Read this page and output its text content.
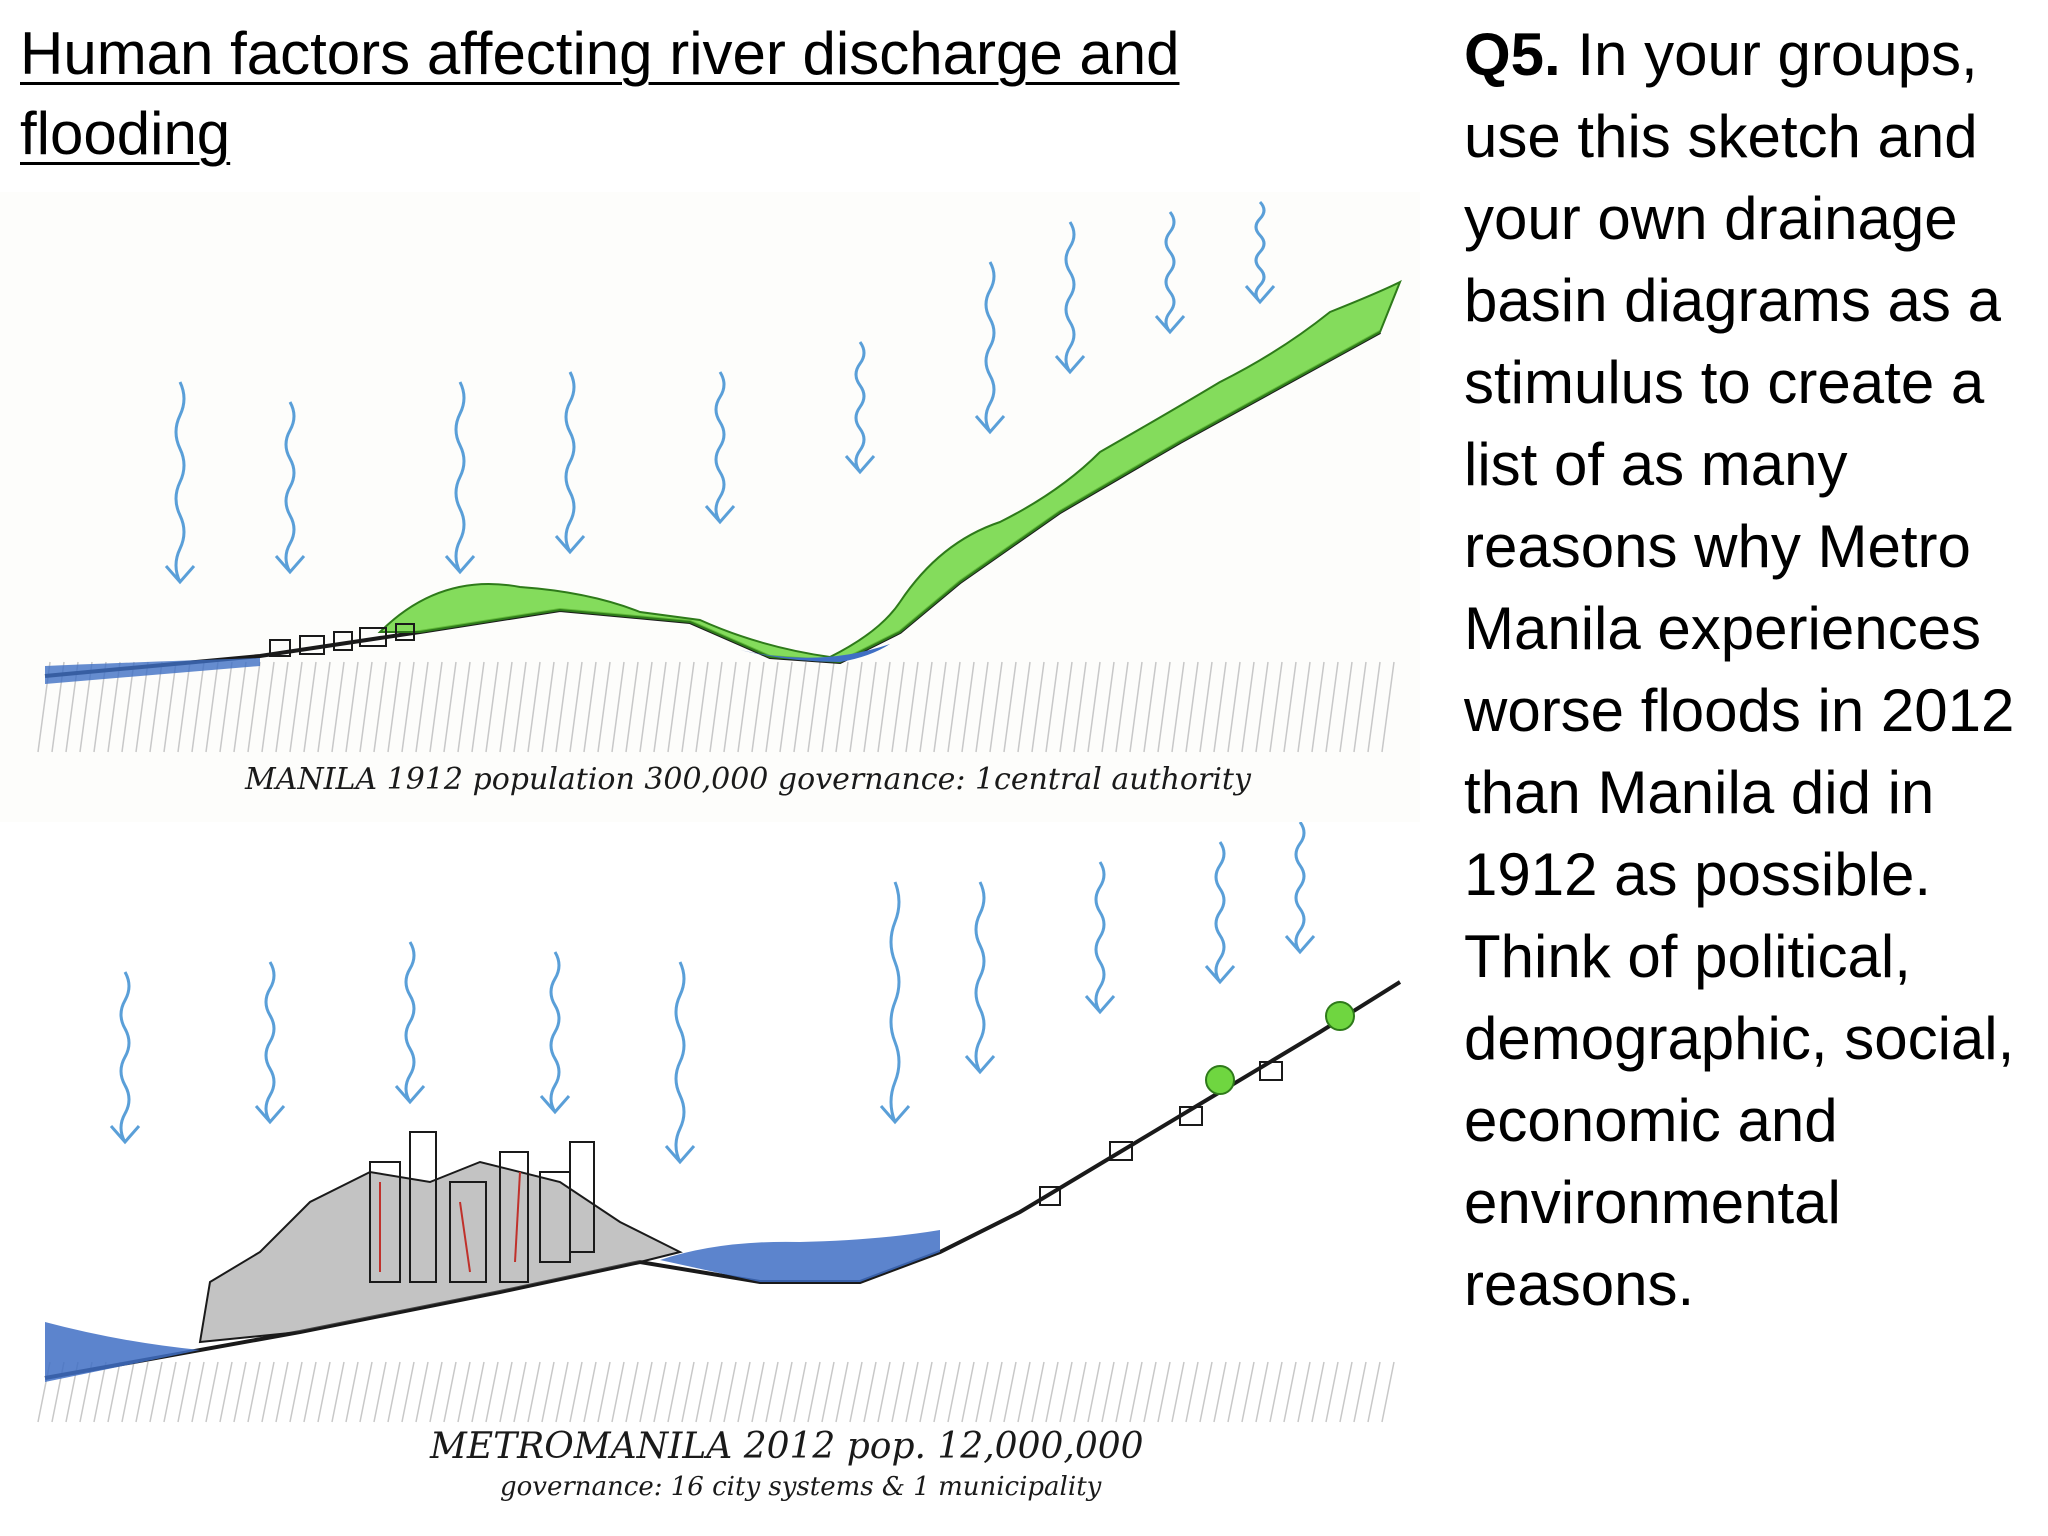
Human factors affecting river discharge and flooding

Q5. In your groups, use this sketch and your own drainage basin diagrams as a stimulus to create a list of as many reasons why Metro Manila experiences worse floods in 2012 than Manila did in 1912 as possible. Think of political, demographic, social, economic and environmental reasons.

MANILA 1912 population 300,000 governance: 1central authority
METROMANILA 2012 pop. 12,000,000
governance: 16 city systems & 1 municipality
